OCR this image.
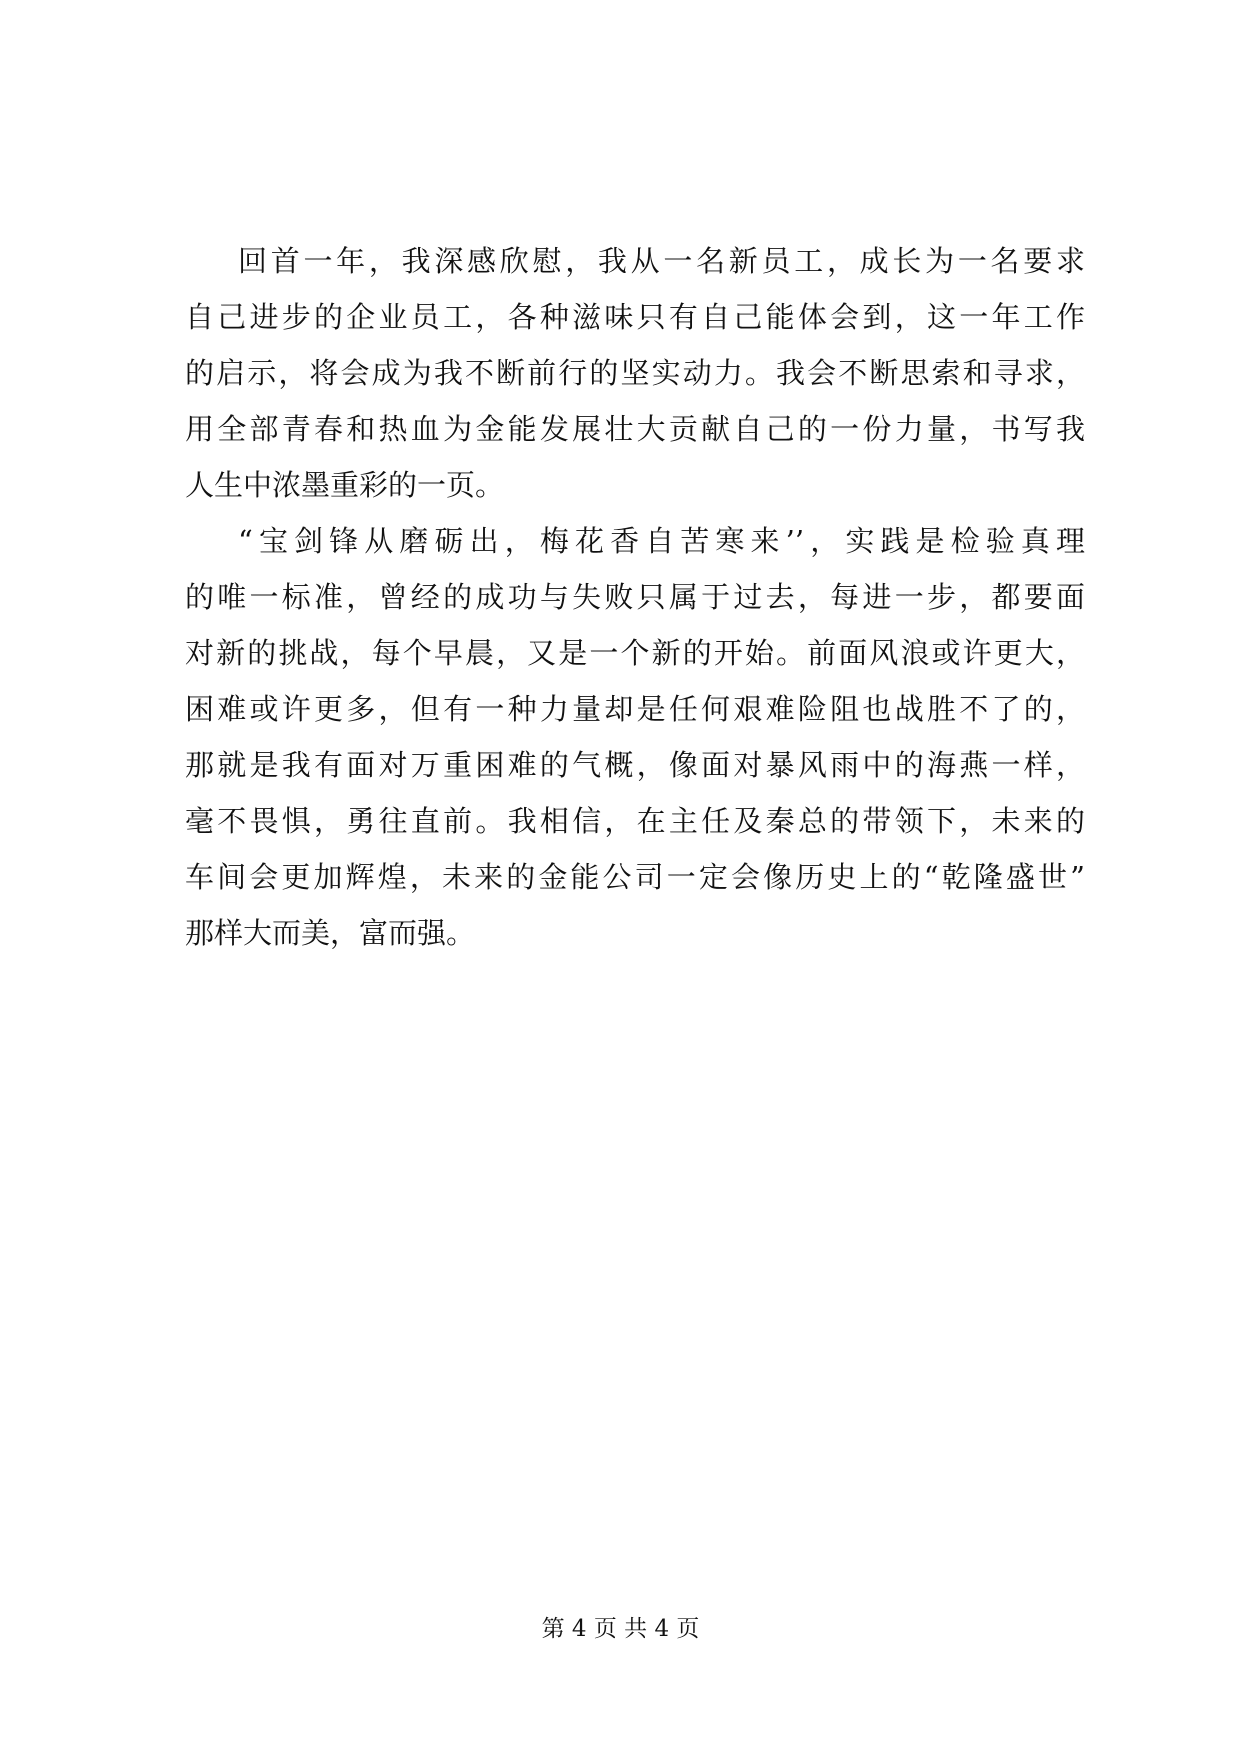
回首一年，我深感欣慰，我从一名新员工，成长为一名要求
自己进步的企业员工，各种滋味只有自己能体会到，这一年工作
的启示，将会成为我不断前行的坚实动力。我会不断思索和寻求，
用全部青春和热血为金能发展壮大贡献自己的一份力量，书写我
人生中浓墨重彩的一页。
“宝剑锋从磨砺出，梅花香自苦寒来’’，实践是检验真理
的唯一标准，曾经的成功与失败只属于过去，每进一步，都要面
对新的挑战，每个早晨，又是一个新的开始。前面风浪或许更大，
困难或许更多，但有一种力量却是任何艰难险阻也战胜不了的，
那就是我有面对万重困难的气概，像面对暴风雨中的海燕一样，
毫不畏惧，勇往直前。我相信，在主任及秦总的带领下，未来的
车间会更加辉煌，未来的金能公司一定会像历史上的“乾隆盛世”
那样大而美，富而强。
第 4 页 共 4 页
